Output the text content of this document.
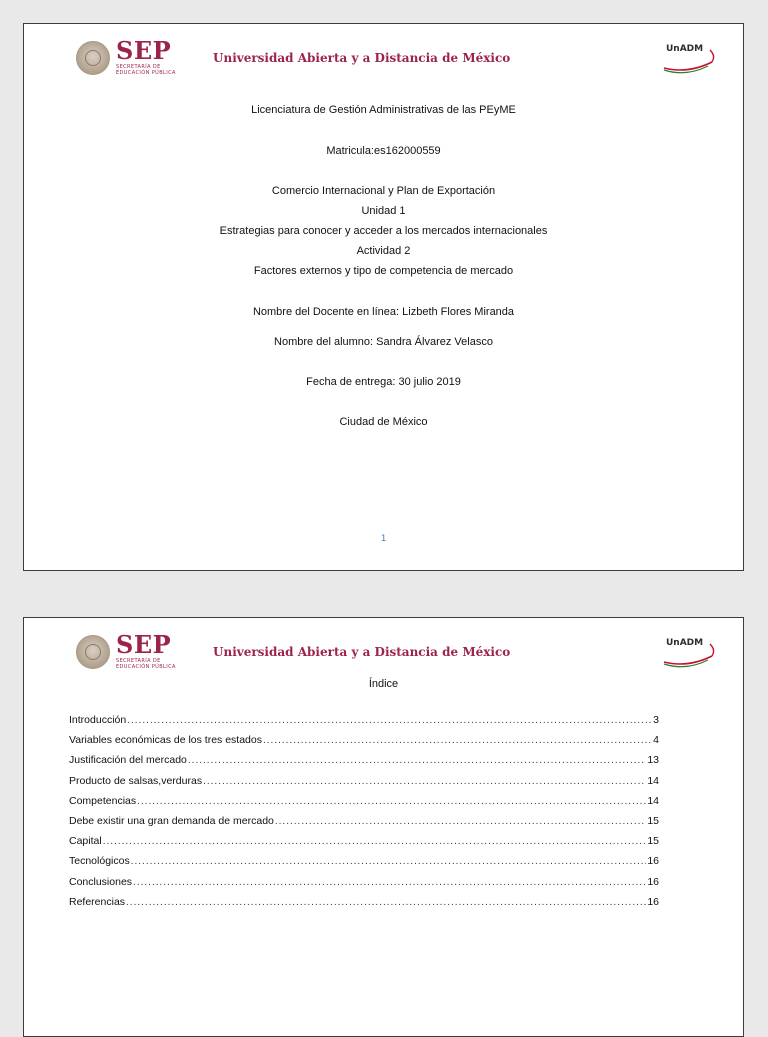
SEP
SECRETARÍA DE EDUCACIÓN PÚBLICA
Universidad Abierta y a Distancia de México
UnADM
Licenciatura de Gestión Administrativas de las PEyME
Matricula:es162000559
Comercio Internacional y Plan de Exportación
Unidad 1
Estrategias para conocer y acceder a los mercados internacionales
Actividad 2
Factores externos y tipo de competencia de mercado
Nombre del Docente en línea: Lizbeth Flores Miranda
Nombre del alumno: Sandra Álvarez Velasco
Fecha de entrega: 30 julio 2019
Ciudad de México
1
SEP
SECRETARÍA DE EDUCACIÓN PÚBLICA
Universidad Abierta y a Distancia de México
UnADM
Índice
Introducción .....	3
Variables económicas de los tres estados .....	4
Justificación del mercado .....	13
Producto de salsas,verduras .....	14
Competencias .....	14
Debe existir una gran demanda de mercado .....	15
Capital .....	15
Tecnológicos .....	16
Conclusiones .....	16
Referencias .....	16
